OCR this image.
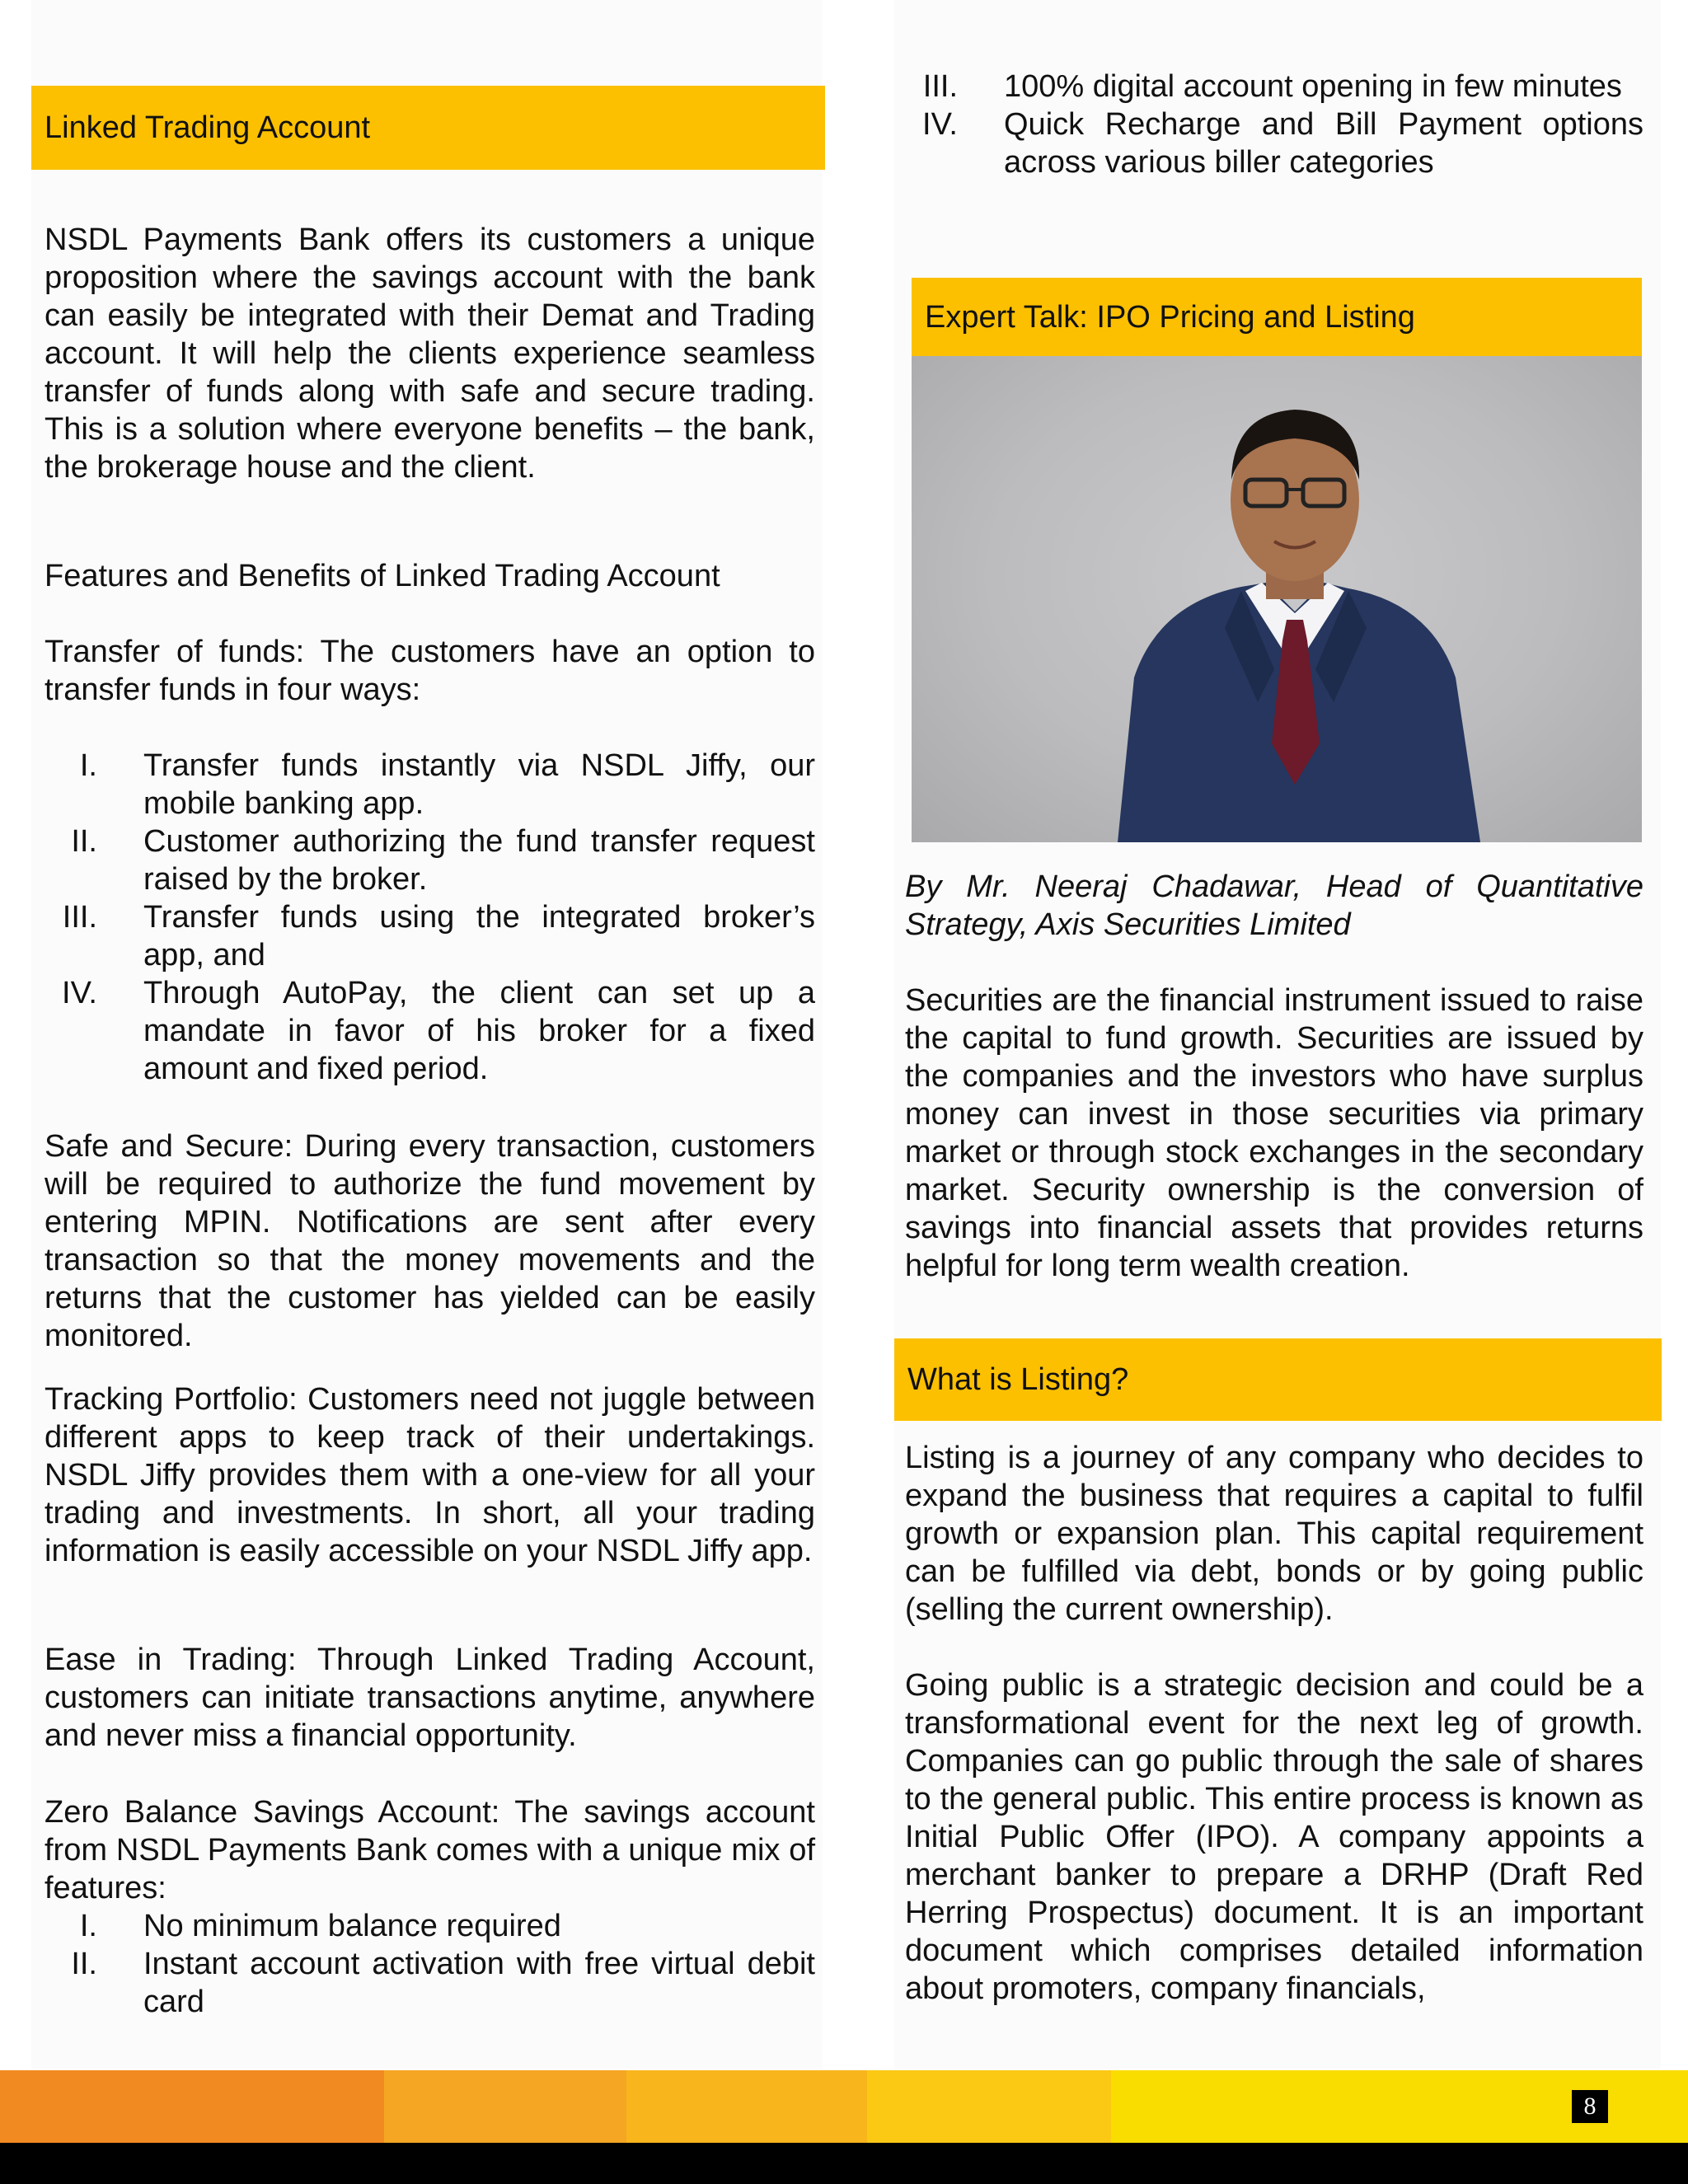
Linked Trading Account

NSDL Payments Bank offers its customers a unique proposition where the savings account with the bank can easily be integrated with their Demat and Trading account. It will help the clients experience seamless transfer of funds along with safe and secure trading. This is a solution where everyone benefits – the bank, the brokerage house and the client.

Features and Benefits of Linked Trading Account

Transfer of funds: The customers have an option to transfer funds in four ways:

I. Transfer funds instantly via NSDL Jiffy, our mobile banking app.
II. Customer authorizing the fund transfer request raised by the broker.
III. Transfer funds using the integrated broker’s app, and
IV. Through AutoPay, the client can set up a mandate in favor of his broker for a fixed amount and fixed period.

Safe and Secure: During every transaction, customers will be required to authorize the fund movement by entering MPIN. Notifications are sent after every transaction so that the money movements and the returns that the customer has yielded can be easily monitored.

Tracking Portfolio: Customers need not juggle between different apps to keep track of their undertakings. NSDL Jiffy provides them with a one-view for all your trading and investments. In short, all your trading information is easily accessible on your NSDL Jiffy app.

Ease in Trading: Through Linked Trading Account, customers can initiate transactions anytime, anywhere and never miss a financial opportunity.

Zero Balance Savings Account: The savings account from NSDL Payments Bank comes with a unique mix of features:

I. No minimum balance required
II. Instant account activation with free virtual debit card
III. 100% digital account opening in few minutes
IV. Quick Recharge and Bill Payment options across various biller categories
Expert Talk: IPO Pricing and Listing

By Mr. Neeraj Chadawar, Head of Quantitative Strategy, Axis Securities Limited

Securities are the financial instrument issued to raise the capital to fund growth. Securities are issued by the companies and the investors who have surplus money can invest in those securities via primary market or through stock exchanges in the secondary market. Security ownership is the conversion of savings into financial assets that provides returns helpful for long term wealth creation.

What is Listing?

Listing is a journey of any company who decides to expand the business that requires a capital to fulfil growth or expansion plan. This capital requirement can be fulfilled via debt, bonds or by going public (selling the current ownership).

Going public is a strategic decision and could be a transformational event for the next leg of growth. Companies can go public through the sale of shares to the general public. This entire process is known as Initial Public Offer (IPO). A company appoints a merchant banker to prepare a DRHP (Draft Red Herring Prospectus) document. It is an important document which comprises detailed information about promoters, company financials,

8
